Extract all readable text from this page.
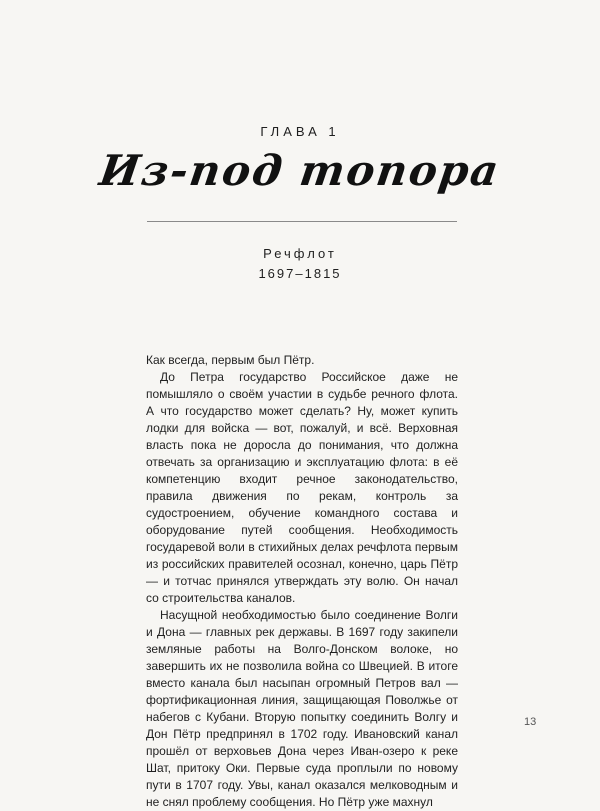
ГЛАВА 1
Из-под топора
Речфлот
1697–1815

Как всегда, первым был Пётр.

До Петра государство Российское даже не помышляло о своём участии в судьбе речного флота. А что государство может сделать? Ну, может купить лодки для войска — вот, пожалуй, и всё. Верховная власть пока не доросла до понимания, что должна отвечать за организацию и эксплуатацию флота: в её компетенцию входит речное законодательство, правила движения по рекам, контроль за судостроением, обучение командного состава и оборудование путей сообщения. Необходимость государевой воли в стихийных делах речфлота первым из российских правителей осознал, конечно, царь Пётр — и тотчас принялся утверждать эту волю. Он начал со строительства каналов.

Насущной необходимостью было соединение Волги и Дона — главных рек державы. В 1697 году закипели земляные работы на Волго-Донском волоке, но завершить их не позволила война со Швецией. В итоге вместо канала был насыпан огромный Петров вал — фортификационная линия, защищающая Поволжье от набегов с Кубани. Вторую попытку соединить Волгу и Дон Пётр предпринял в 1702 году. Ивановский канал прошёл от верховьев Дона через Иван-озеро к реке Шат, притоку Оки. Первые суда проплыли по новому пути в 1707 году. Увы, канал оказался мелководным и не снял проблему сообщения. Но Пётр уже махнул

13
